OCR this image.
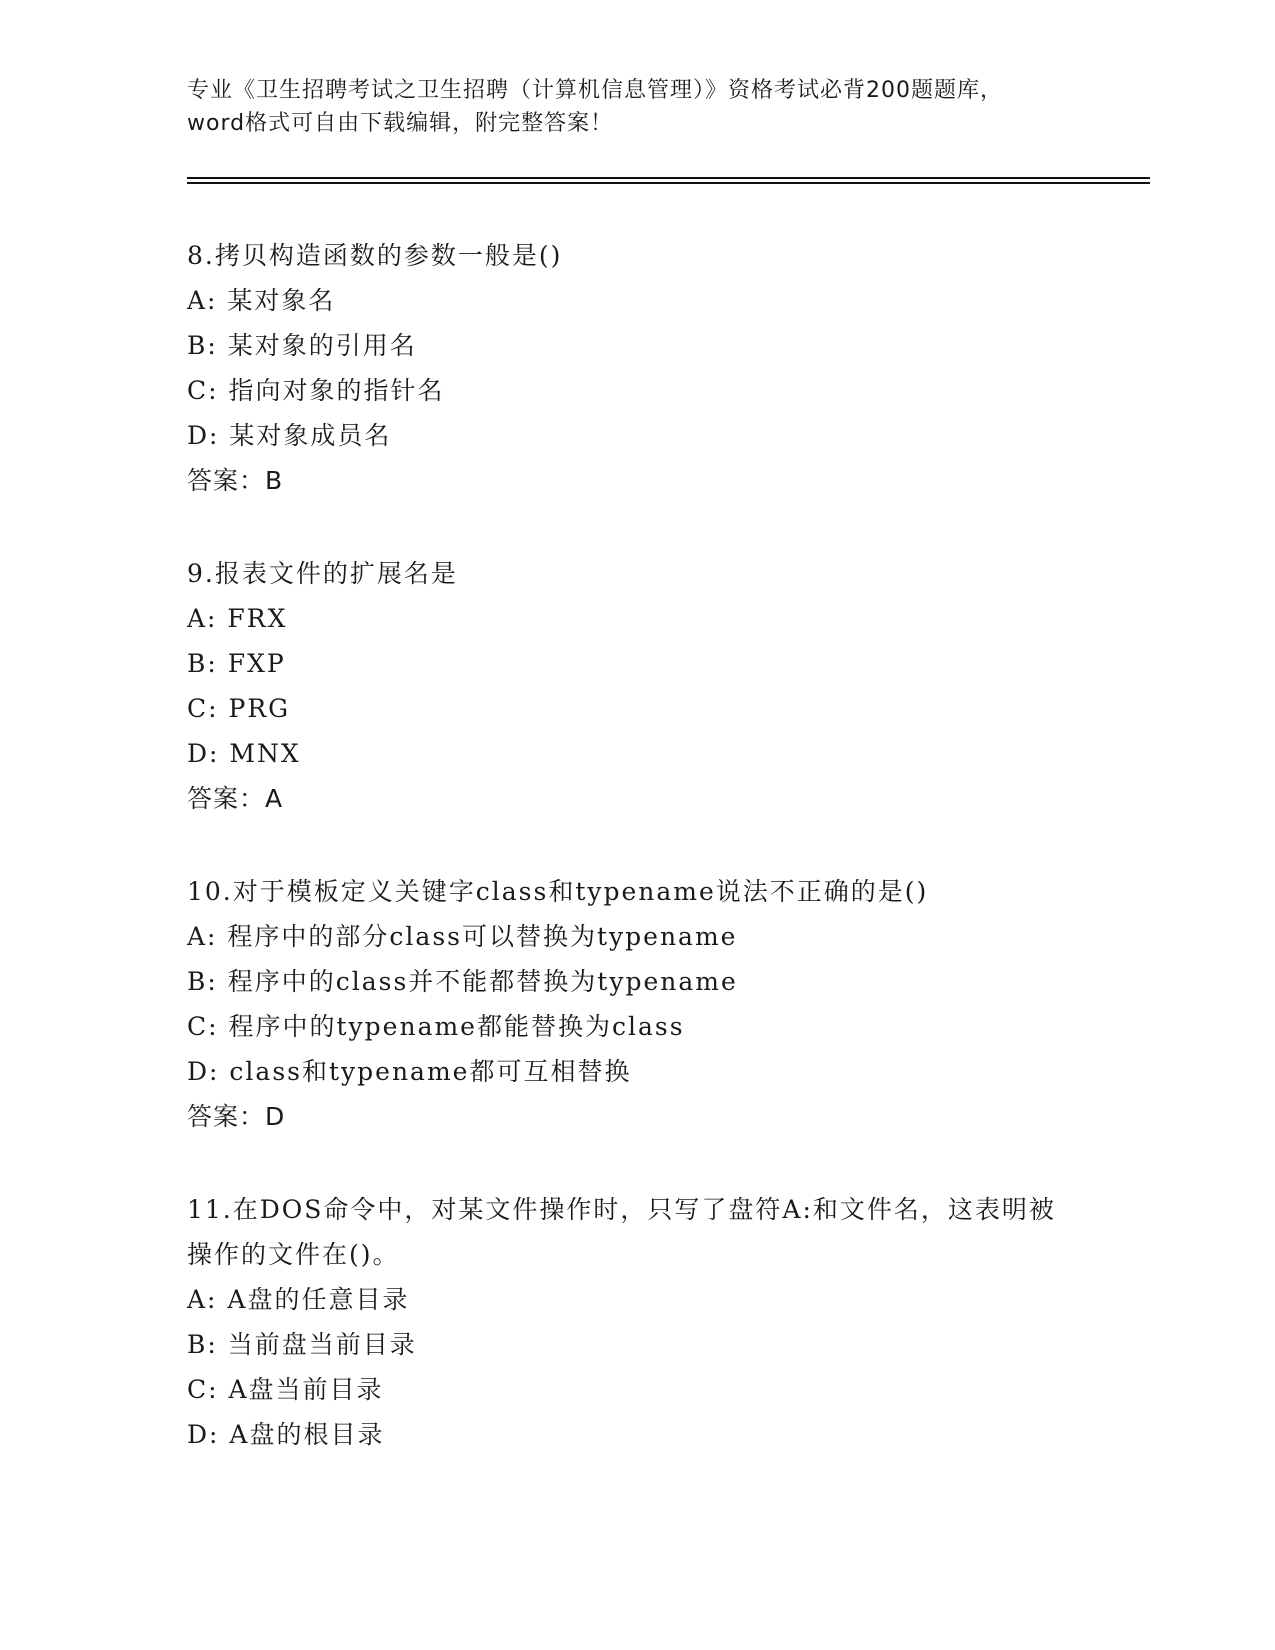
专业《卫生招聘考试之卫生招聘（计算机信息管理）》资格考试必背200题题库，
word格式可自由下载编辑，附完整答案！
8.拷贝构造函数的参数一般是()
A: 某对象名
B: 某对象的引用名
C: 指向对象的指针名
D: 某对象成员名
答案：B
9.报表文件的扩展名是
A: FRX
B: FXP
C: PRG
D: MNX
答案：A
10.对于模板定义关键字class和typename说法不正确的是()
A: 程序中的部分class可以替换为typename
B: 程序中的class并不能都替换为typename
C: 程序中的typename都能替换为class
D: class和typename都可互相替换
答案：D
11.在DOS命令中，对某文件操作时，只写了盘符A:和文件名，这表明被操作的文件在()。
A: A盘的任意目录
B: 当前盘当前目录
C: A盘当前目录
D: A盘的根目录
